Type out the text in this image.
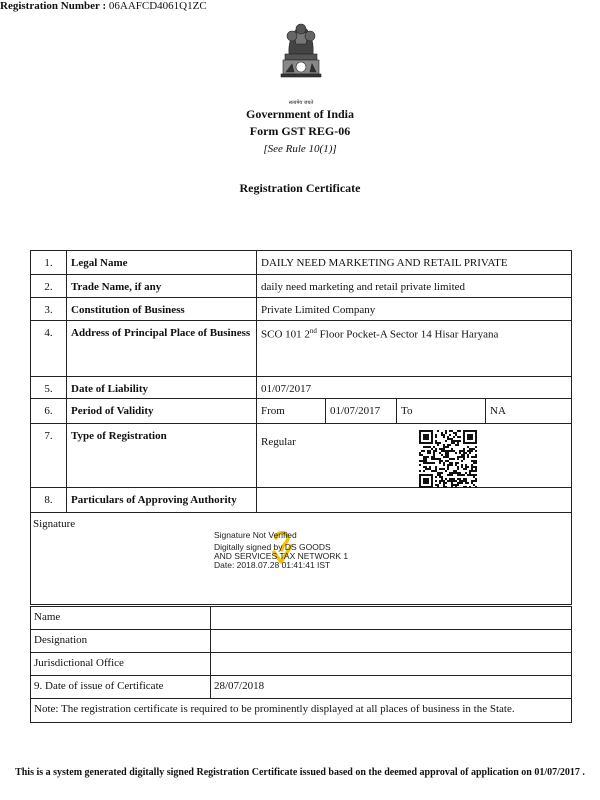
सत्यमेव जयते
Government of India
Form GST REG-06
[See Rule 10(1)]
Registration Certificate
Registration Number : 06AAFCD4061Q1ZC
1.	Legal Name	DAILY NEED MARKETING AND RETAIL PRIVATE
2.	Trade Name, if any	daily need marketing and retail private limited
3.	Constitution of Business	Private Limited Company
4.	Address of Principal Place of Business	SCO 101 2nd Floor Pocket-A Sector 14 Hisar Haryana
5.	Date of Liability	01/07/2017
6.	Period of Validity		From	01/07/2017	To	NA

7.	Type of Registration	Regular
8.	Particulars of Approving Authority	

Signature
Signature Not Verified
Digitally signed by DS GOODS
AND SERVICES TAX NETWORK 1
Date: 2018.07.28 01:41:41 IST
Name	
Designation	
Jurisdictional Office	
9. Date of issue of Certificate	28/07/2018
Note: The registration certificate is required to be prominently displayed at all places of business in the State.	
This is a system generated digitally signed Registration Certificate issued based on the deemed approval of application on 01/07/2017 .
